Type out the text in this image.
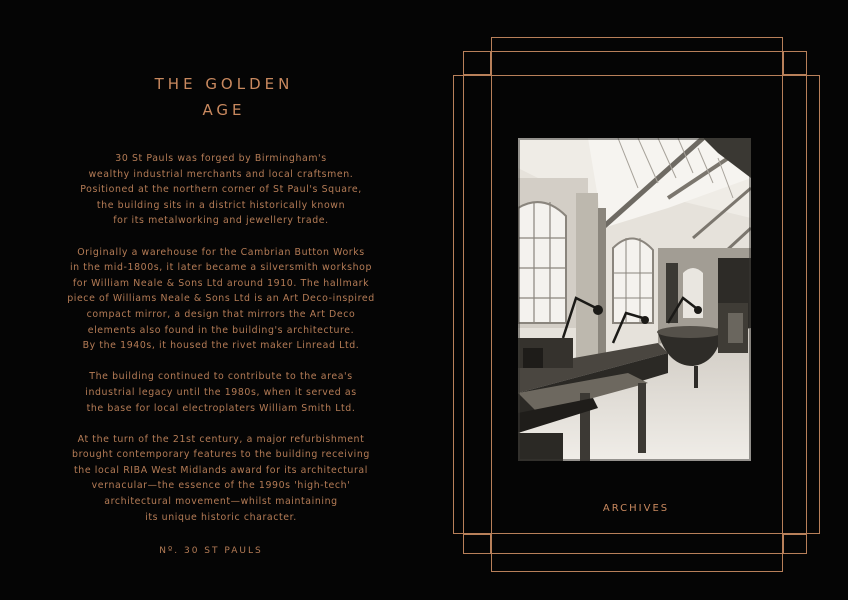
THE GOLDEN
AGE

30 St Pauls was forged by Birmingham's
wealthy industrial merchants and local craftsmen.
Positioned at the northern corner of St Paul's Square,
the building sits in a district historically known
for its metalworking and jewellery trade.

Originally a warehouse for the Cambrian Button Works
in the mid-1800s, it later became a silversmith workshop
for William Neale & Sons Ltd around 1910. The hallmark
piece of Williams Neale & Sons Ltd is an Art Deco-inspired
compact mirror, a design that mirrors the Art Deco
elements also found in the building's architecture.
By the 1940s, it housed the rivet maker Linread Ltd.

The building continued to contribute to the area's
industrial legacy until the 1980s, when it served as
the base for local electroplaters William Smith Ltd.

At the turn of the 21st century, a major refurbishment
brought contemporary features to the building receiving
the local RIBA West Midlands award for its architectural
vernacular—the essence of the 1990s 'high-tech'
architectural movement—whilst maintaining
its unique historic character.

Nº. 30 ST PAULS
ARCHIVES
